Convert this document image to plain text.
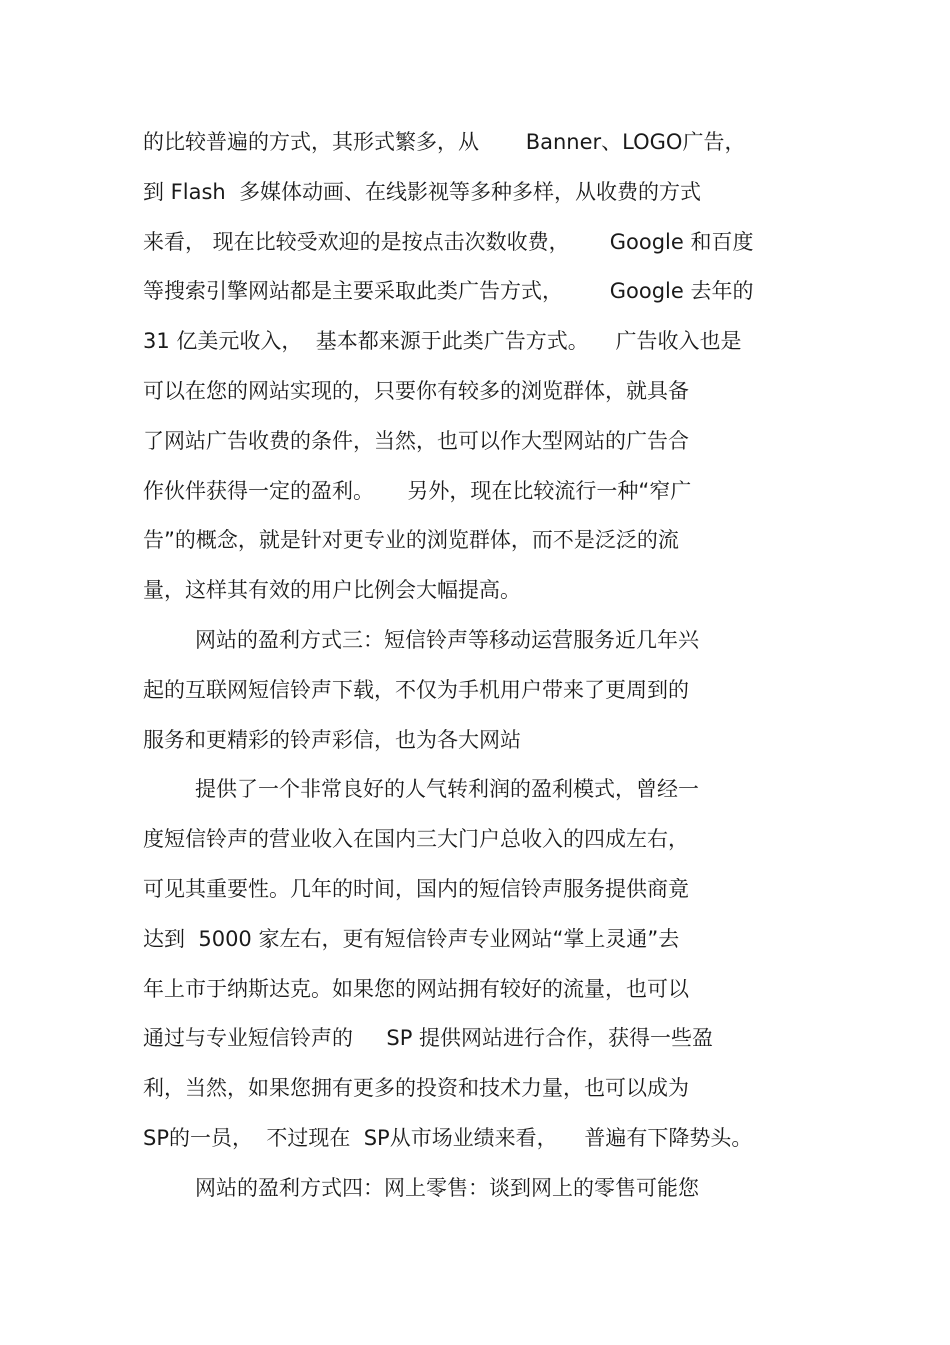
的比较普遍的方式，其形式繁多，从       Banner、LOGO广告，
到 Flash  多媒体动画、在线影视等多种多样，从收费的方式
来看， 现在比较受欢迎的是按点击次数收费，      Google 和百度
等搜索引擎网站都是主要采取此类广告方式，       Google 去年的
31 亿美元收入，  基本都来源于此类广告方式。    广告收入也是
可以在您的网站实现的，只要你有较多的浏览群体，就具备
了网站广告收费的条件，当然，也可以作大型网站的广告合
作伙伴获得一定的盈利。     另外，现在比较流行一种“窄广
告”的概念，就是针对更专业的浏览群体，而不是泛泛的流
量，这样其有效的用户比例会大幅提高。
网站的盈利方式三：短信铃声等移动运营服务近几年兴
起的互联网短信铃声下载，不仅为手机用户带来了更周到的
服务和更精彩的铃声彩信，也为各大网站
提供了一个非常良好的人气转利润的盈利模式，曾经一
度短信铃声的营业收入在国内三大门户总收入的四成左右，
可见其重要性。几年的时间，国内的短信铃声服务提供商竟
达到  5000 家左右，更有短信铃声专业网站“掌上灵通”去
年上市于纳斯达克。如果您的网站拥有较好的流量，也可以
通过与专业短信铃声的     SP 提供网站进行合作，获得一些盈
利，当然，如果您拥有更多的投资和技术力量，也可以成为
SP的一员，  不过现在  SP从市场业绩来看，    普遍有下降势头。
网站的盈利方式四：网上零售：谈到网上的零售可能您
